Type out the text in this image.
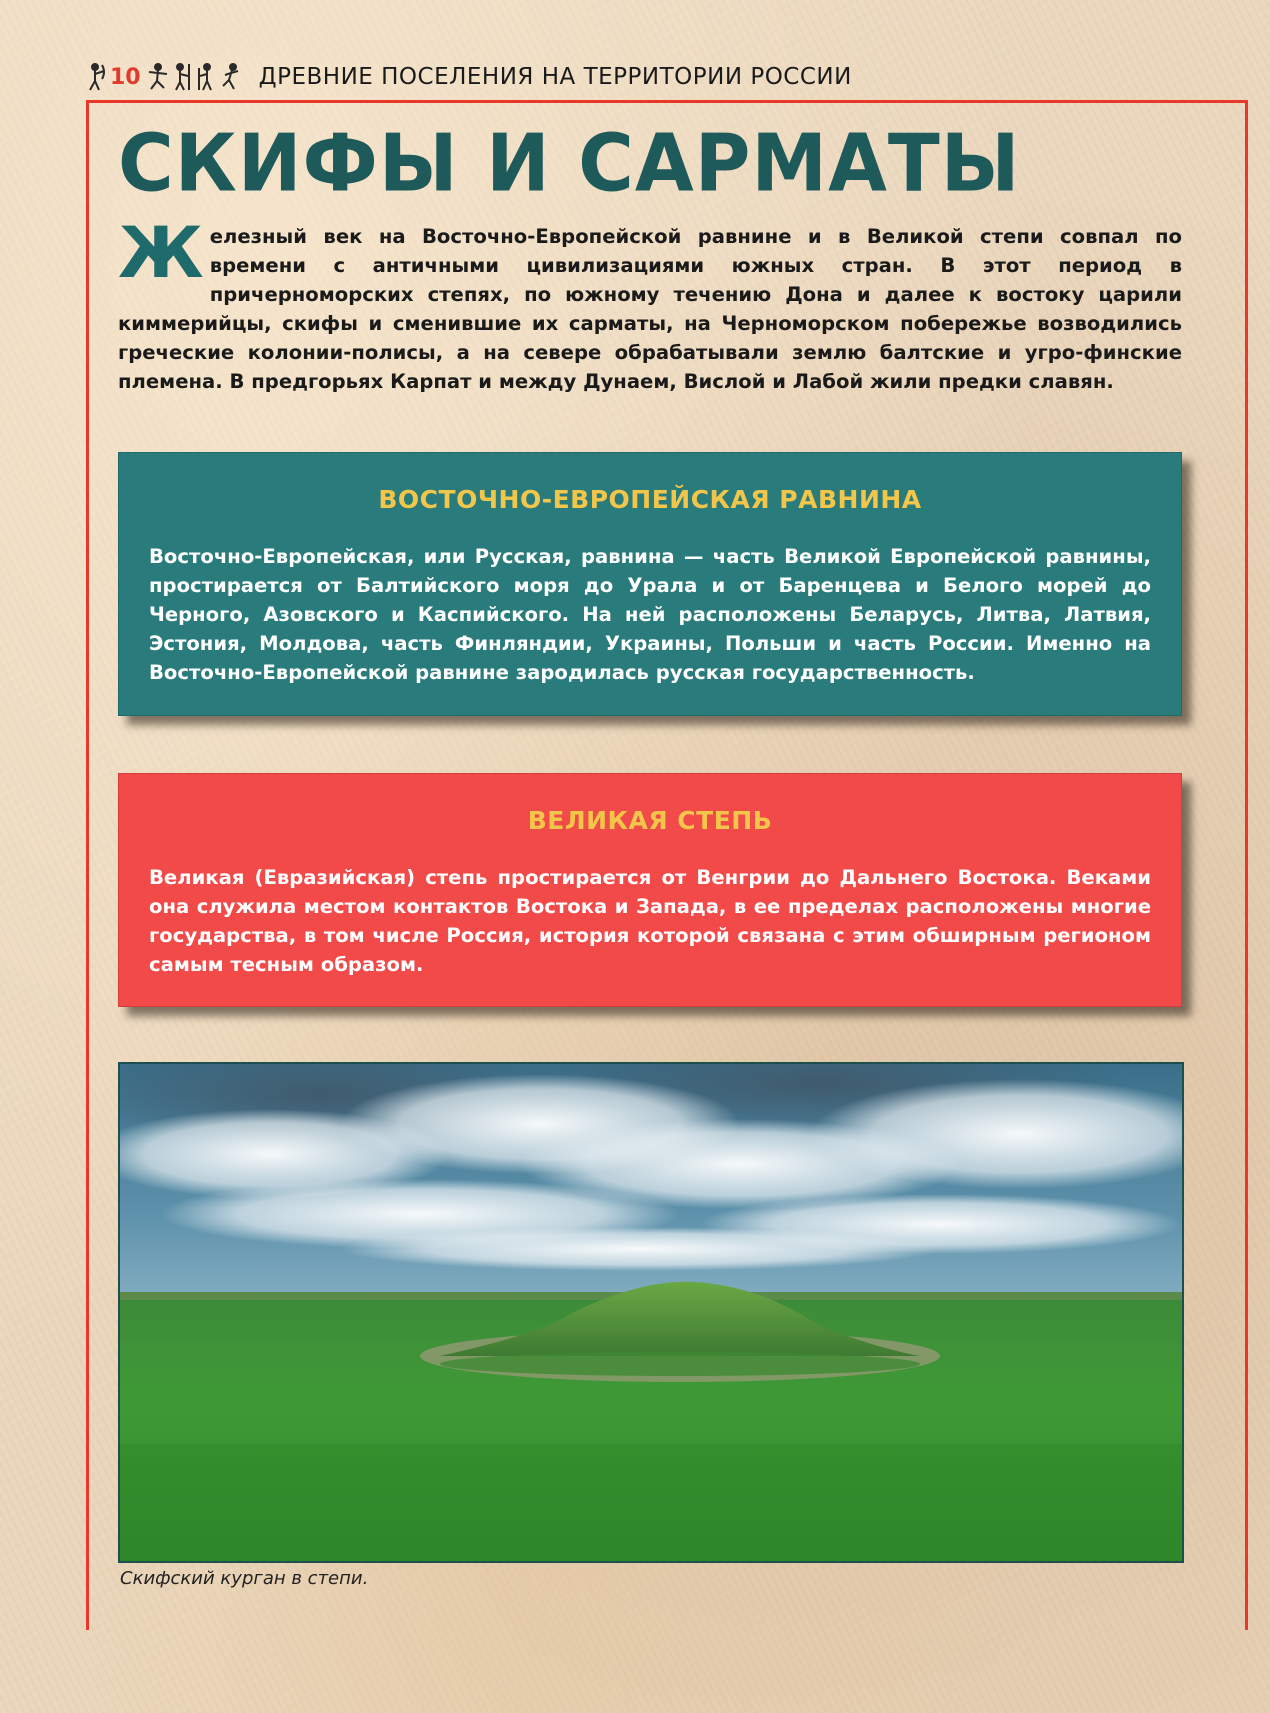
10	ДРЕВНИЕ ПОСЕЛЕНИЯ НА ТЕРРИТОРИИ РОССИИ
СКИФЫ И САРМАТЫ

Железный век на Восточно-Европейской равнине и в Великой степи совпал по времени с античными цивилизациями южных стран. В этот период в причерноморских степях, по южному течению Дона и далее к востоку царили киммерийцы, скифы и сменившие их сарматы, на Черноморском побережье возводились греческие колонии-полисы, а на севере обрабатывали землю балтские и угро-финские племена. В предгорьях Карпат и между Дунаем, Вислой и Лабой жили предки славян.

ВОСТОЧНО-ЕВРОПЕЙСКАЯ РАВНИНА
Восточно-Европейская, или Русская, равнина — часть Великой Европейской равнины, простирается от Балтийского моря до Урала и от Баренцева и Белого морей до Черного, Азовского и Каспийского. На ней расположены Беларусь, Литва, Латвия, Эстония, Молдова, часть Финляндии, Украины, Польши и часть России. Именно на Восточно-Европейской равнине зародилась русская государственность.
ВЕЛИКАЯ СТЕПЬ
Великая (Евразийская) степь простирается от Венгрии до Дальнего Востока. Веками она служила местом контактов Востока и Запада, в ее пределах расположены многие государства, в том числе Россия, история которой связана с этим обширным регионом самым тесным образом.

Скифский курган в степи.
